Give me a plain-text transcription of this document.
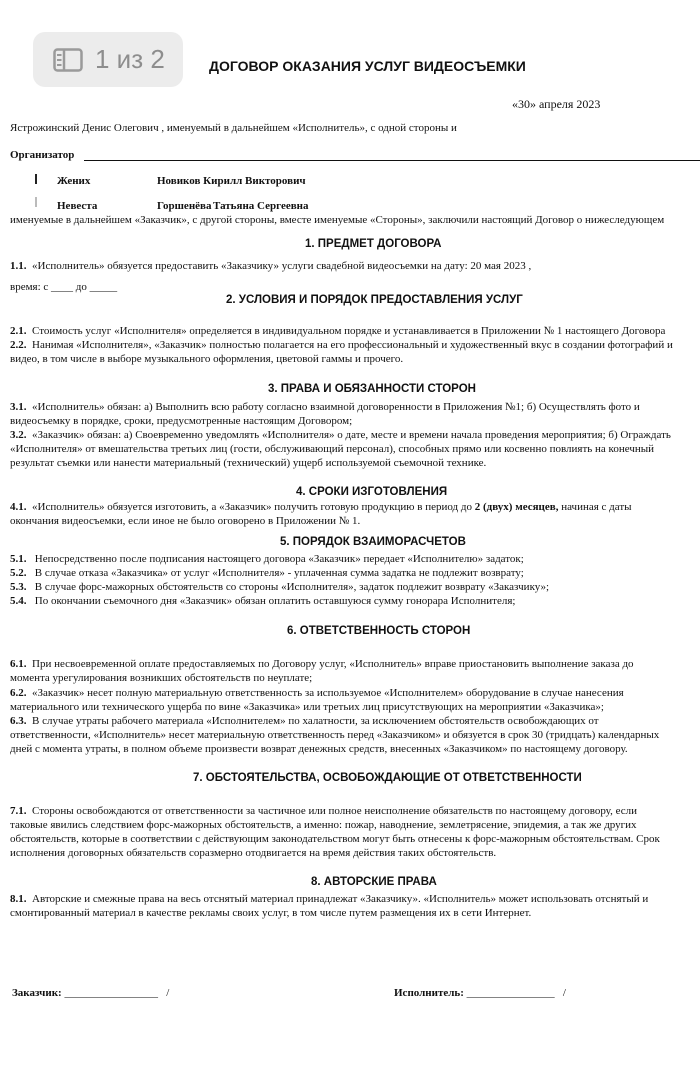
1 из 2	ДОГОВОР ОКАЗАНИЯ УСЛУГ ВИДЕОСЪЕМКИ
«30» апреля 2023
Ястрожинский Денис Олегович , именуемый в дальнейшем «Исполнитель», с одной стороны и
Организатор
Жених	Новиков Кирилл Викторович
Невеста	Горшенёва Татьяна Сергеевна
именуемые в дальнейшем «Заказчик», с другой стороны, вместе именуемые «Стороны», заключили настоящий Договор о нижеследующем
1. ПРЕДМЕТ ДОГОВОРА
1.1. «Исполнитель» обязуется предоставить «Заказчику» услуги свадебной видеосъемки на дату: 20 мая 2023 ,
время: с ____ до _____
2. УСЛОВИЯ И ПОРЯДОК ПРЕДОСТАВЛЕНИЯ УСЛУГ
2.1. Стоимость услуг «Исполнителя» определяется в индивидуальном порядке и устанавливается в Приложении № 1 настоящего Договора
2.2. Нанимая «Исполнителя», «Заказчик» полностью полагается на его профессиональный и художественный вкус в создании фотографий и
видео, в том числе в выборе музыкального оформления, цветовой гаммы и прочего.
3. ПРАВА И ОБЯЗАННОСТИ СТОРОН
3.1. «Исполнитель» обязан: а) Выполнить всю работу согласно взаимной договоренности в Приложения №1; б) Осуществлять фото и
видеосъемку в порядке, сроки, предусмотренные настоящим Договором;
3.2. «Заказчик» обязан: а) Своевременно уведомлять «Исполнителя» о дате, месте и времени начала проведения мероприятия; б) Ограждать
«Исполнителя» от вмешательства третьих лиц (гости, обслуживающий персонал), способных прямо или косвенно повлиять на конечный
результат съемки или нанести материальный (технический) ущерб используемой съемочной технике.
4. СРОКИ ИЗГОТОВЛЕНИЯ
4.1. «Исполнитель» обязуется изготовить, а «Заказчик» получить готовую продукцию в период до 2 (двух) месяцев, начиная с даты
окончания видеосъемки, если иное не было оговорено в Приложении № 1.
5. ПОРЯДОК ВЗАИМОРАСЧЕТОВ
5.1. Непосредственно после подписания настоящего договора «Заказчик» передает «Исполнителю» задаток;
5.2. В случае отказа «Заказчика» от услуг «Исполнителя» - уплаченная сумма задатка не подлежит возврату;
5.3. В случае форс-мажорных обстоятельств со стороны «Исполнителя», задаток подлежит возврату «Заказчику»;
5.4. По окончании съемочного дня «Заказчик» обязан оплатить оставшуюся сумму гонорара Исполнителя;
6. ОТВЕТСТВЕННОСТЬ СТОРОН
6.1. При несвоевременной оплате предоставляемых по Договору услуг, «Исполнитель» вправе приостановить выполнение заказа до
момента урегулирования возникших обстоятельств по неуплате;
6.2. «Заказчик» несет полную материальную ответственность за используемое «Исполнителем» оборудование в случае нанесения
материального или технического ущерба по вине «Заказчика» или третьих лиц присутствующих на мероприятии «Заказчика»;
6.3. В случае утраты рабочего материала «Исполнителем» по халатности, за исключением обстоятельств освобождающих от
ответственности, «Исполнитель» несет материальную ответственность перед «Заказчиком» и обязуется в срок 30 (тридцать) календарных
дней с момента утраты, в полном объеме произвести возврат денежных средств, внесенных «Заказчиком» по настоящему договору.
7. ОБСТОЯТЕЛЬСТВА, ОСВОБОЖДАЮЩИЕ ОТ ОТВЕТСТВЕННОСТИ
7.1. Стороны освобождаются от ответственности за частичное или полное неисполнение обязательств по настоящему договору, если
таковые явились следствием форс-мажорных обстоятельств, а именно: пожар, наводнение, землетрясение, эпидемия, а так же других
обстоятельств, которые в соответствии с действующим законодательством могут быть отнесены к форс-мажорным обстоятельствам. Срок
исполнения договорных обязательств соразмерно отодвигается на время действия таких обстоятельств.
8. АВТОРСКИЕ ПРАВА
8.1. Авторские и смежные права на весь отснятый материал принадлежат «Заказчику». «Исполнитель» может использовать отснятый и
смонтированный материал в качестве рекламы своих услуг, в том числе путем размещения их в сети Интернет.
Заказчик: _________________ /	Исполнитель: ________________ /
